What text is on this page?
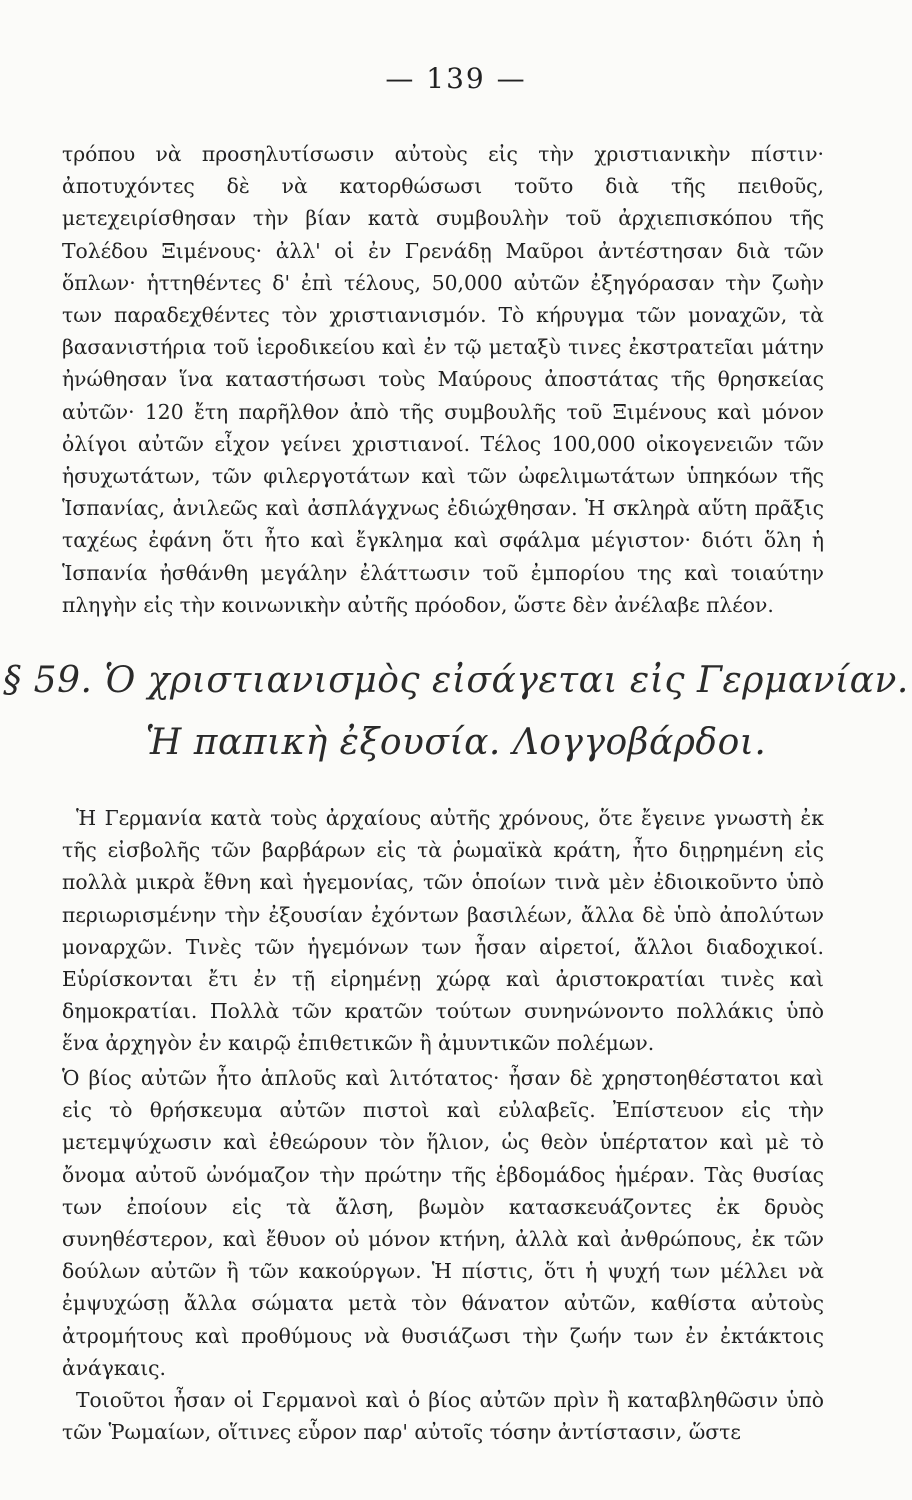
— 139 —

τρόπου νὰ προσηλυτίσωσιν αὐτοὺς εἰς τὴν χριστιανικὴν πίστιν· ἀποτυχόντες δὲ νὰ κατορθώσωσι τοῦτο διὰ τῆς πειθοῦς, μετεχειρίσθησαν τὴν βίαν κατὰ συμβουλὴν τοῦ ἀρχιεπισκόπου τῆς Τολέδου Ξιμένους· ἀλλ' οἱ ἐν Γρενάδῃ Μαῦροι ἀντέστησαν διὰ τῶν ὅπλων· ἡττηθέντες δ' ἐπὶ τέλους, 50,000 αὐτῶν ἐξηγόρασαν τὴν ζωὴν των παραδεχθέντες τὸν χριστιανισμόν. Τὸ κήρυγμα τῶν μοναχῶν, τὰ βασανιστήρια τοῦ ἱεροδικείου καὶ ἐν τῷ μεταξὺ τινες ἐκστρατεῖαι μάτην ἠνώθησαν ἵνα καταστήσωσι τοὺς Μαύρους ἀποστάτας τῆς θρησκείας αὐτῶν· 120 ἔτη παρῆλθον ἀπὸ τῆς συμβουλῆς τοῦ Ξιμένους καὶ μόνον ὀλίγοι αὐτῶν εἶχον γείνει χριστιανοί. Τέλος 100,000 οἰκογενειῶν τῶν ἡσυχωτάτων, τῶν φιλεργοτάτων καὶ τῶν ὠφελιμωτάτων ὑπηκόων τῆς Ἱσπανίας, ἀνιλεῶς καὶ ἀσπλάγχνως ἐδιώχθησαν. Ἡ σκληρὰ αὕτη πρᾶξις ταχέως ἐφάνη ὅτι ἦτο καὶ ἔγκλημα καὶ σφάλμα μέγιστον· διότι ὅλη ἡ Ἱσπανία ἠσθάνθη μεγάλην ἐλάττωσιν τοῦ ἐμπορίου της καὶ τοιαύτην πληγὴν εἰς τὴν κοινωνικὴν αὐτῆς πρόοδον, ὥστε δὲν ἀνέλαβε πλέον.

§ 59. Ὁ χριστιανισμὸς εἰσάγεται εἰς Γερμανίαν.

Ἡ παπικὴ ἐξουσία. Λογγοβάρδοι.

Ἡ Γερμανία κατὰ τοὺς ἀρχαίους αὐτῆς χρόνους, ὅτε ἔγεινε γνωστὴ ἐκ τῆς εἰσβολῆς τῶν βαρβάρων εἰς τὰ ῥωμαϊκὰ κράτη, ἦτο διῃρημένη εἰς πολλὰ μικρὰ ἔθνη καὶ ἡγεμονίας, τῶν ὁποίων τινὰ μὲν ἐδιοικοῦντο ὑπὸ περιωρισμένην τὴν ἐξουσίαν ἐχόντων βασιλέων, ἄλλα δὲ ὑπὸ ἀπολύτων μοναρχῶν. Τινὲς τῶν ἡγεμόνων των ἦσαν αἱρετοί, ἄλλοι διαδοχικοί. Εὑρίσκονται ἔτι ἐν τῇ εἰρημένῃ χώρᾳ καὶ ἀριστοκρατίαι τινὲς καὶ δημοκρατίαι. Πολλὰ τῶν κρατῶν τούτων συνηνώνοντο πολλάκις ὑπὸ ἕνα ἀρχηγὸν ἐν καιρῷ ἐπιθετικῶν ἢ ἀμυντικῶν πολέμων.

Ὁ βίος αὐτῶν ἦτο ἁπλοῦς καὶ λιτότατος· ἦσαν δὲ χρηστοηθέστατοι καὶ εἰς τὸ θρήσκευμα αὐτῶν πιστοὶ καὶ εὐλαβεῖς. Ἐπίστευον εἰς τὴν μετεμψύχωσιν καὶ ἐθεώρουν τὸν ἥλιον, ὡς θεὸν ὑπέρτατον καὶ μὲ τὸ ὄνομα αὐτοῦ ὠνόμαζον τὴν πρώτην τῆς ἑβδομάδος ἡμέραν. Τὰς θυσίας των ἐποίουν εἰς τὰ ἄλση, βωμὸν κατασκευάζοντες ἐκ δρυὸς συνηθέστερον, καὶ ἔθυον οὐ μόνον κτήνη, ἀλλὰ καὶ ἀνθρώπους, ἐκ τῶν δούλων αὐτῶν ἢ τῶν κακούργων. Ἡ πίστις, ὅτι ἡ ψυχή των μέλλει νὰ ἐμψυχώσῃ ἄλλα σώματα μετὰ τὸν θάνατον αὐτῶν, καθίστα αὐτοὺς ἀτρομήτους καὶ προθύμους νὰ θυσιάζωσι τὴν ζωήν των ἐν ἐκτάκτοις ἀνάγκαις.

Τοιοῦτοι ἦσαν οἱ Γερμανοὶ καὶ ὁ βίος αὐτῶν πρὶν ἢ καταβληθῶσιν ὑπὸ τῶν Ῥωμαίων, οἵτινες εὗρον παρ' αὐτοῖς τόσην ἀντίστασιν, ὥστε
